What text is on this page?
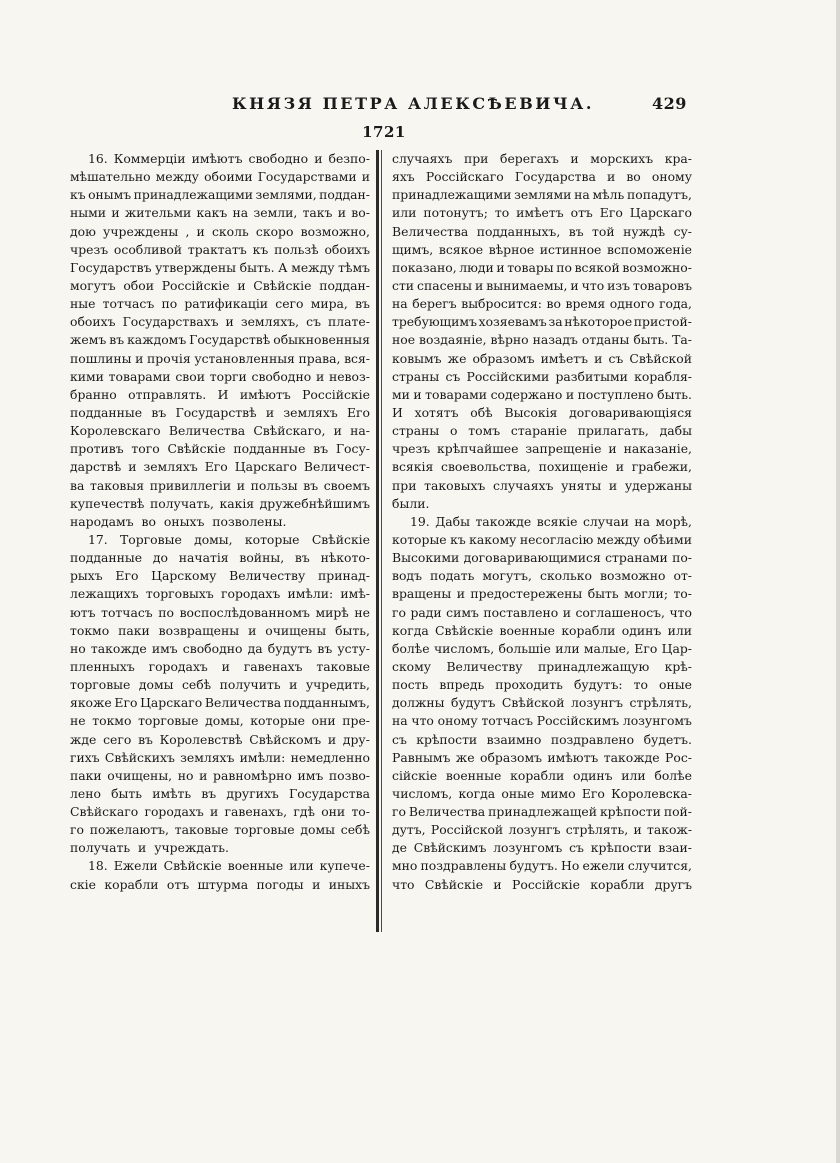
КНЯЗЯ ПЕТРА АЛЕКСѢЕВИЧА.	429
1721
16. Коммерціи имѣютъ свободно и безпо-
мѣшательно между обоими Государствами и
къ онымъ принадлежащими землями, поддан-
ными и жительми какъ на земли, такъ и во-
дою учреждены , и сколь скоро возможно,
чрезъ особливой трактатъ къ пользѣ обоихъ
Государствъ утверждены быть. А между тѣмъ
могутъ обои Россійскіе и Свѣйскіе поддан-
ные тотчасъ по ратификаціи сего мира, въ
обоихъ Государствахъ и земляхъ, съ плате-
жемъ въ каждомъ Государствѣ обыкновенныя
пошлины и прочія установленныя права, вся-
кими товарами свои торги свободно и невоз-
бранно отправлять. И имѣютъ Россійскіе
подданные въ Государствѣ и земляхъ Его
Королевскаго Величества Свѣйскаго, и на-
противъ того Свѣйскіе подданные въ Госу-
дарствѣ и земляхъ Его Царскаго Величест-
ва таковыя привиллегіи и пользы въ своемъ
купечествѣ получать, какія дружебнѣйшимъ
народамъ во оныхъ позволены.
17. Торговые домы, которые Свѣйскіе
подданные до начатія войны, въ нѣкото-
рыхъ Его Царскому Величеству принад-
лежащихъ торговыхъ городахъ имѣли: имѣ-
ютъ тотчасъ по воспослѣдованномъ мирѣ не
токмо паки возвращены и очищены быть,
но такожде имъ свободно да будутъ въ усту-
пленныхъ городахъ и гавенахъ таковые
торговые домы себѣ получить и учредить,
якоже Его Царскаго Величества подданнымъ,
не токмо торговые домы, которые они пре-
жде сего въ Королевствѣ Свѣйскомъ и дру-
гихъ Свѣйскихъ земляхъ имѣли: немедленно
паки очищены, но и равномѣрно имъ позво-
лено быть имѣть въ другихъ Государства
Свѣйскаго городахъ и гавенахъ, гдѣ они то-
го пожелаютъ, таковые торговые домы себѣ
получать и учреждать.
18. Ежели Свѣйскіе военные или купече-
скіе корабли отъ штурма погоды и иныхъ
случаяхъ при берегахъ и морскихъ кра-
яхъ Россійскаго Государства и во оному
принадлежащими землями на мѣль попадутъ,
или потонутъ; то имѣетъ отъ Его Царскаго
Величества подданныхъ, въ той нуждѣ су-
щимъ, всякое вѣрное истинное вспоможеніе
показано, люди и товары по всякой возможно-
сти спасены и вынимаемы, и что изъ товаровъ
на берегъ выбросится: во время одного года,
требующимъ хозяевамъ за нѣкоторое пристой-
ное воздаяніе, вѣрно назадъ отданы быть. Та-
ковымъ же образомъ имѣетъ и съ Свѣйской
страны съ Россійскими разбитыми корабля-
ми и товарами содержано и поступлено быть.
И хотятъ обѣ Высокія договаривающіяся
страны о томъ стараніе прилагать, дабы
чрезъ крѣпчайшее запрещеніе и наказаніе,
всякія своевольства, похищеніе и грабежи,
при таковыхъ случаяхъ уняты и удержаны
были.
19. Дабы такожде всякіе случаи на морѣ,
которые къ какому несогласію между обѣими
Высокими договаривающимися странами по-
водъ подать могутъ, сколько возможно от-
вращены и предостережены быть могли; то-
го ради симъ поставлено и соглашеносъ, что
когда Свѣйскіе военные корабли одинъ или
болѣе числомъ, большіе или малые, Его Цар-
скому Величеству принадлежащую крѣ-
пость впредь проходить будутъ: то оные
должны будутъ Свѣйской лозунгъ стрѣлять,
на что оному тотчасъ Россійскимъ лозунгомъ
съ крѣпости взаимно поздравлено будетъ.
Равнымъ же образомъ имѣютъ такожде Рос-
сійскіе военные корабли одинъ или болѣе
числомъ, когда оные мимо Его Королевска-
го Величества принадлежащей крѣпости пой-
дутъ, Россійской лозунгъ стрѣлять, и також-
де Свѣйскимъ лозунгомъ съ крѣпости взаи-
мно поздравлены будутъ. Но ежели случится,
что Свѣйскіе и Россійскіе корабли другъ
